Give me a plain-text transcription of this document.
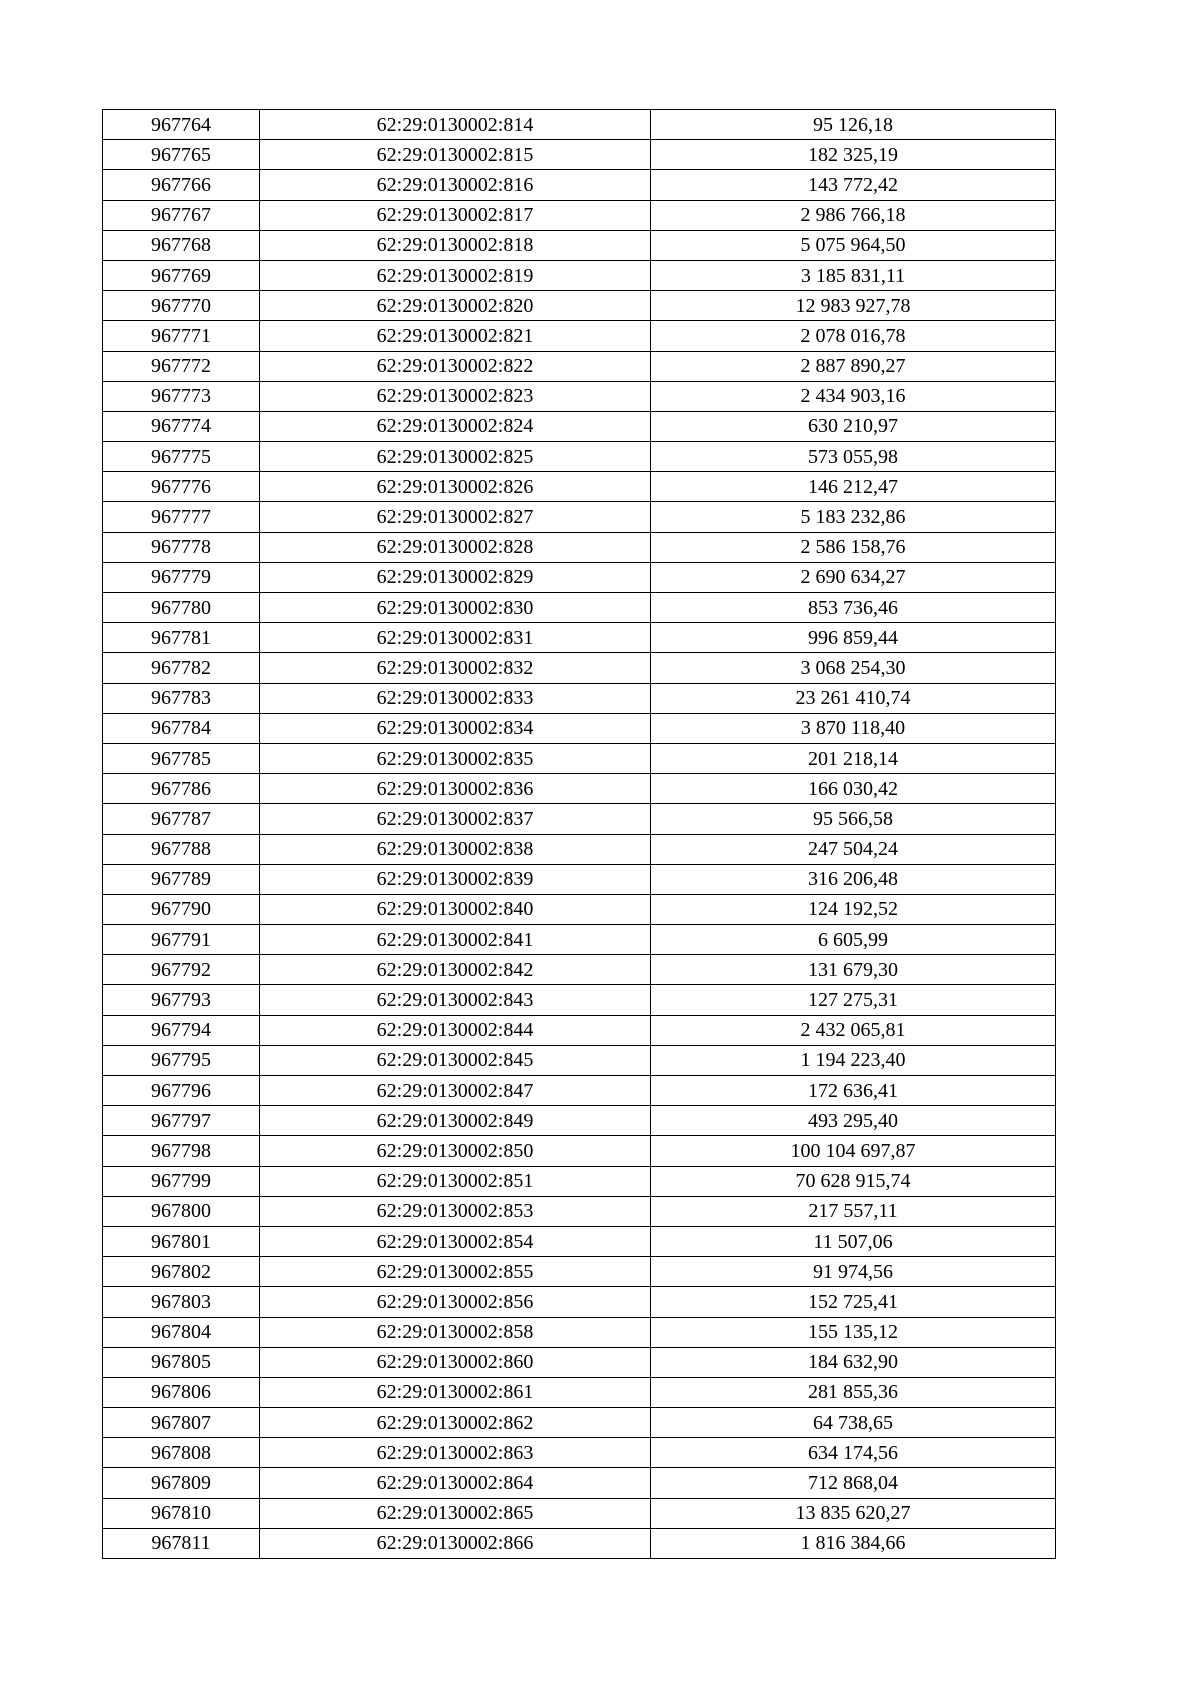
967764	62:29:0130002:814	95 126,18
967765	62:29:0130002:815	182 325,19
967766	62:29:0130002:816	143 772,42
967767	62:29:0130002:817	2 986 766,18
967768	62:29:0130002:818	5 075 964,50
967769	62:29:0130002:819	3 185 831,11
967770	62:29:0130002:820	12 983 927,78
967771	62:29:0130002:821	2 078 016,78
967772	62:29:0130002:822	2 887 890,27
967773	62:29:0130002:823	2 434 903,16
967774	62:29:0130002:824	630 210,97
967775	62:29:0130002:825	573 055,98
967776	62:29:0130002:826	146 212,47
967777	62:29:0130002:827	5 183 232,86
967778	62:29:0130002:828	2 586 158,76
967779	62:29:0130002:829	2 690 634,27
967780	62:29:0130002:830	853 736,46
967781	62:29:0130002:831	996 859,44
967782	62:29:0130002:832	3 068 254,30
967783	62:29:0130002:833	23 261 410,74
967784	62:29:0130002:834	3 870 118,40
967785	62:29:0130002:835	201 218,14
967786	62:29:0130002:836	166 030,42
967787	62:29:0130002:837	95 566,58
967788	62:29:0130002:838	247 504,24
967789	62:29:0130002:839	316 206,48
967790	62:29:0130002:840	124 192,52
967791	62:29:0130002:841	6 605,99
967792	62:29:0130002:842	131 679,30
967793	62:29:0130002:843	127 275,31
967794	62:29:0130002:844	2 432 065,81
967795	62:29:0130002:845	1 194 223,40
967796	62:29:0130002:847	172 636,41
967797	62:29:0130002:849	493 295,40
967798	62:29:0130002:850	100 104 697,87
967799	62:29:0130002:851	70 628 915,74
967800	62:29:0130002:853	217 557,11
967801	62:29:0130002:854	11 507,06
967802	62:29:0130002:855	91 974,56
967803	62:29:0130002:856	152 725,41
967804	62:29:0130002:858	155 135,12
967805	62:29:0130002:860	184 632,90
967806	62:29:0130002:861	281 855,36
967807	62:29:0130002:862	64 738,65
967808	62:29:0130002:863	634 174,56
967809	62:29:0130002:864	712 868,04
967810	62:29:0130002:865	13 835 620,27
967811	62:29:0130002:866	1 816 384,66
